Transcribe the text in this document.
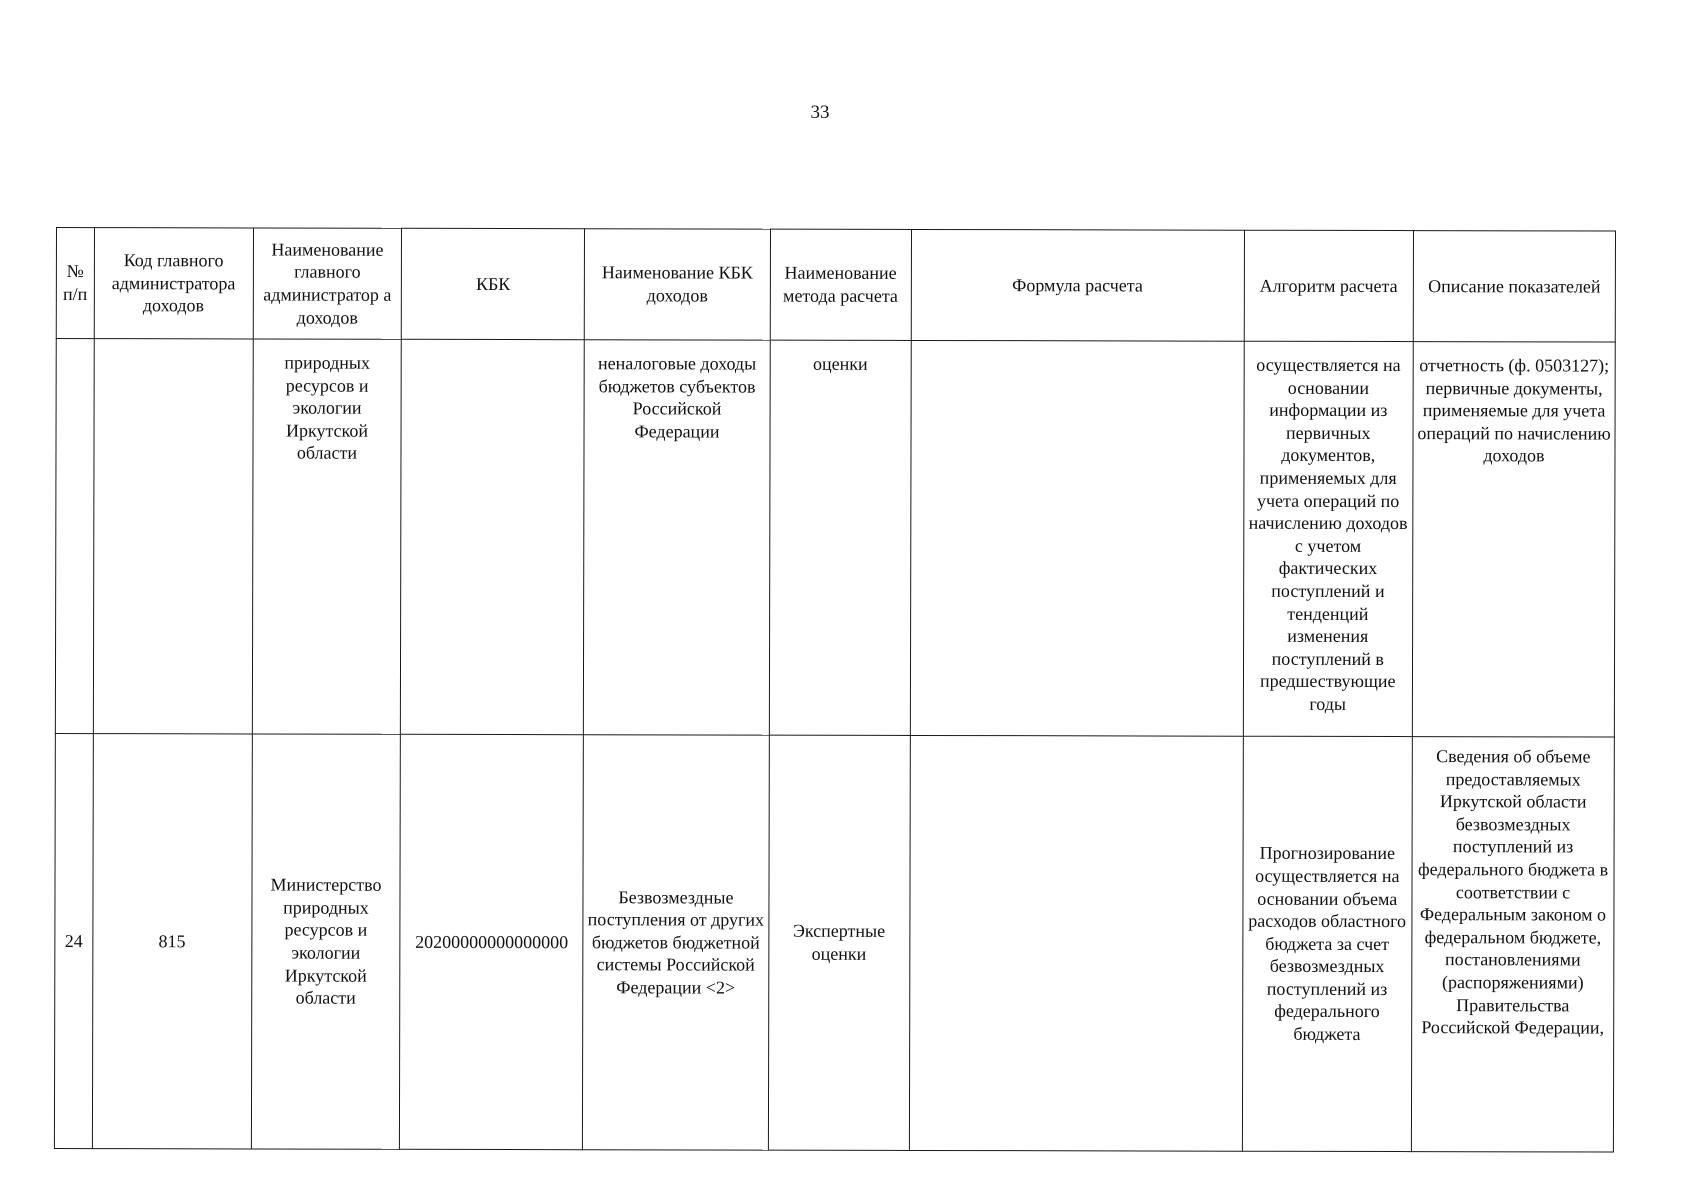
33
№ п/п	Код главного администратора доходов	Наименование главного администратор а доходов	КБК	Наименование КБК доходов	Наименование метода расчета	Формула расчета	Алгоритм расчета	Описание показателей
		природных ресурсов и экологии Иркутской области		неналоговые доходы бюджетов субъектов Российской Федерации	оценки		осуществляется на основании информации из первичных документов, применяемых для учета операций по начислению доходов с учетом фактических поступлений и тенденций изменения поступлений в предшествующие годы	отчетность (ф. 0503127); первичные документы, применяемые для учета операций по начислению доходов
24	815	Министерство природных ресурсов и экологии Иркутской области	20200000000000000	Безвозмездные поступления от других бюджетов бюджетной системы Российской Федерации <2>	Экспертные оценки		Прогнозирование осуществляется на основании объема расходов областного бюджета за счет безвозмездных поступлений из федерального бюджета	Сведения об объеме предоставляемых Иркутской области безвозмездных поступлений из федерального бюджета в соответствии с Федеральным законом о федеральном бюджете, постановлениями (распоряжениями) Правительства Российской Федерации,
